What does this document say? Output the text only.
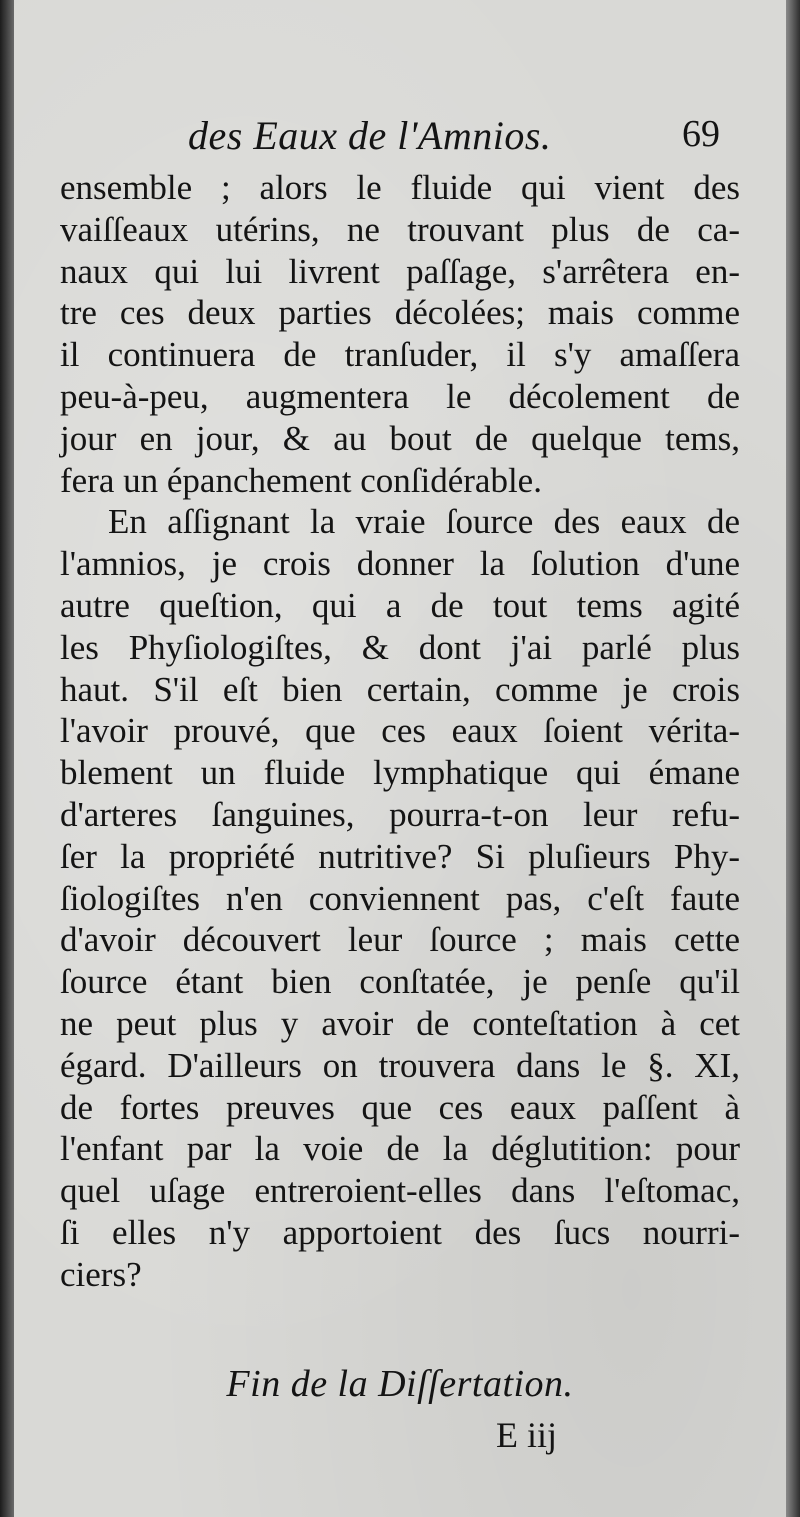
des Eaux de l'Amnios.	69
ensemble ; alors le fluide qui vient des
vaiſſeaux utérins, ne trouvant plus de ca-
naux qui lui livrent paſſage, s'arrêtera en-
tre ces deux parties décolées; mais comme
il continuera de tranſuder, il s'y amaſſera
peu-à-peu, augmentera le décolement de
jour en jour, & au bout de quelque tems,
fera un épanchement conſidérable.
En aſſignant la vraie ſource des eaux de
l'amnios, je crois donner la ſolution d'une
autre queſtion, qui a de tout tems agité
les Phyſiologiſtes, & dont j'ai parlé plus
haut. S'il eſt bien certain, comme je crois
l'avoir prouvé, que ces eaux ſoient vérita-
blement un fluide lymphatique qui émane
d'arteres ſanguines, pourra-t-on leur refu-
ſer la propriété nutritive? Si pluſieurs Phy-
ſiologiſtes n'en conviennent pas, c'eſt faute
d'avoir découvert leur ſource ; mais cette
ſource étant bien conſtatée, je penſe qu'il
ne peut plus y avoir de conteſtation à cet
égard. D'ailleurs on trouvera dans le §. XI,
de fortes preuves que ces eaux paſſent à
l'enfant par la voie de la déglutition: pour
quel uſage entreroient-elles dans l'eſtomac,
ſi elles n'y apportoient des ſucs nourri-
ciers?
Fin de la Diſſertation.
E iij
